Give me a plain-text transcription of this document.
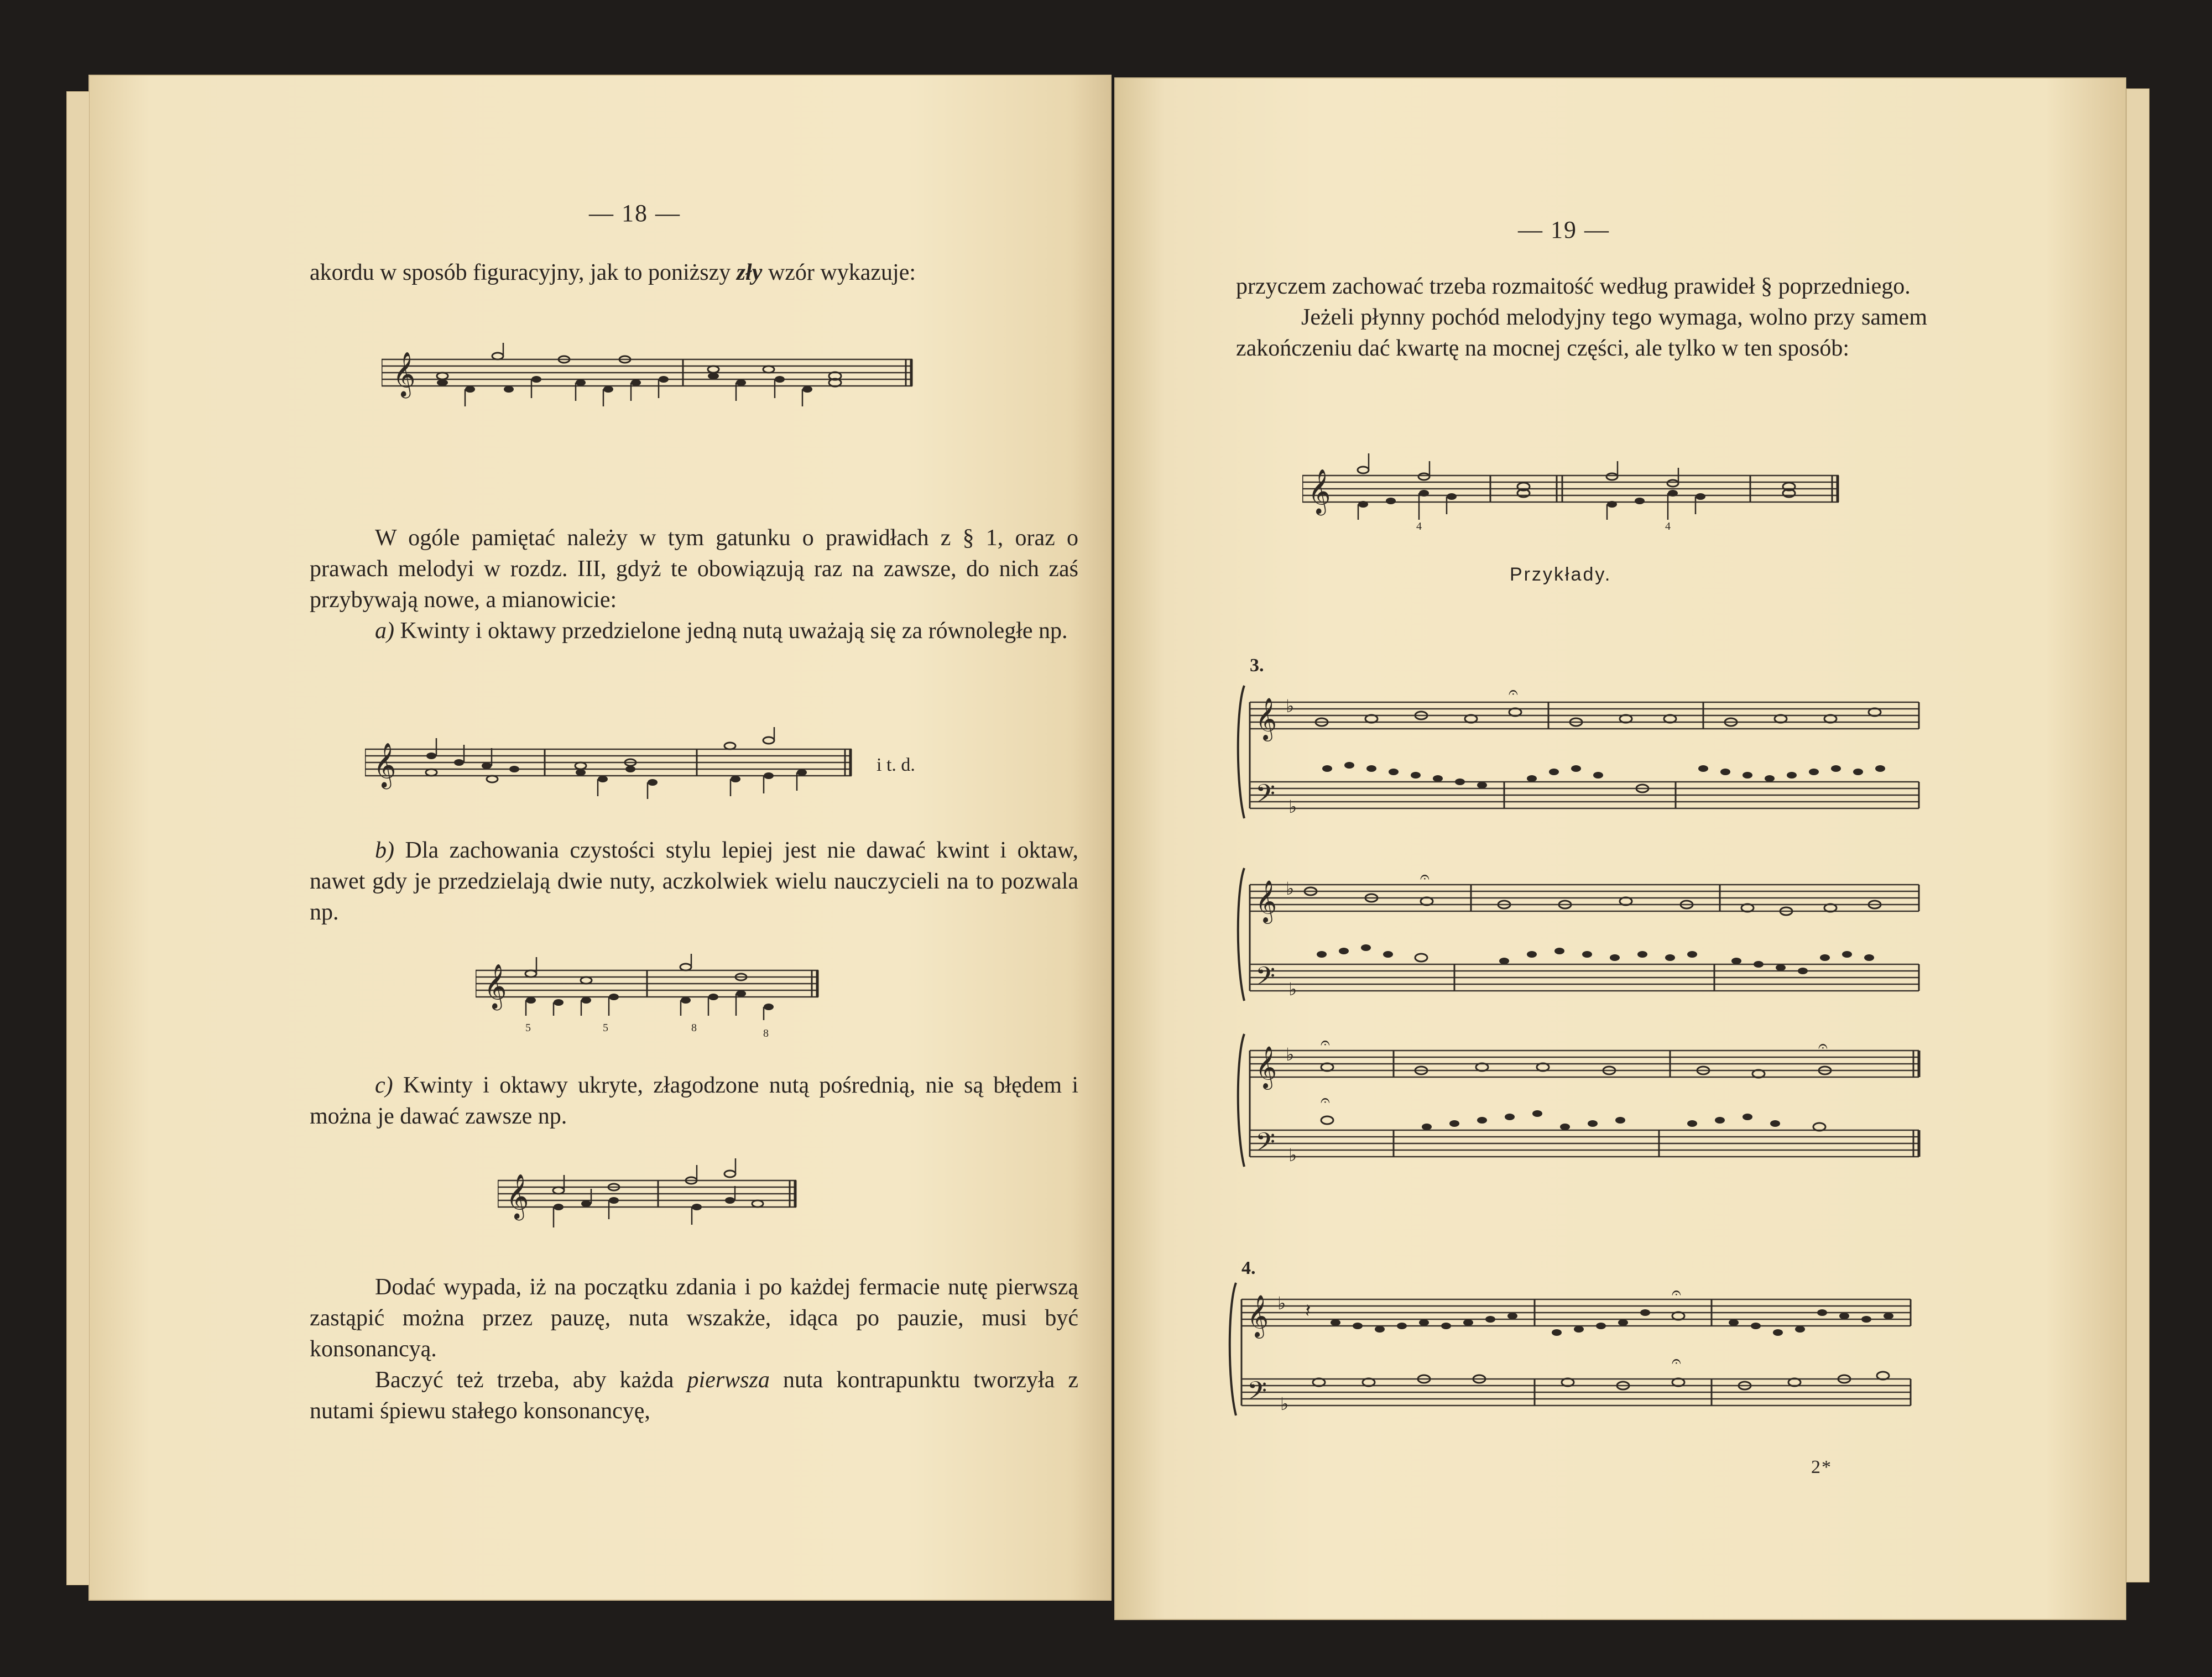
— 18 —

akordu w sposób figuracyjny, jak to poniższy zły wzór wykazuje:

𝄞

W ogóle pamiętać należy w tym gatunku o prawidłach z § 1, oraz o prawach melodyi w rozdz. III, gdyż te obowiązują raz na zawsze, do nich zaś przybywają nowe, a mianowicie:

a) Kwinty i oktawy przedzielone jedną nutą uważają się za równoległe np.

𝄞	i t. d.

b) Dla zachowania czystości stylu lepiej jest nie dawać kwint i oktaw, nawet gdy je przedzielają dwie nuty, aczkolwiek wielu nauczycieli na to pozwala np.

𝄞
5	5	8	8

c) Kwinty i oktawy ukryte, złagodzone nutą pośrednią, nie są błędem i można je dawać zawsze np.

𝄞

Dodać wypada, iż na początku zdania i po każdej fermacie nutę pierwszą zastąpić można przez pauzę, nuta wszakże, idąca po pauzie, musi być konsonancyą.

Baczyć też trzeba, aby każda pierwsza nuta kontrapunktu tworzyła z nutami śpiewu stałego konsonancyę,

— 19 —

przyczem zachować trzeba rozmaitość według prawideł § poprzedniego.

Jeżeli płynny pochód melodyjny tego wymaga, wolno przy samem zakończeniu dać kwartę na mocnej części, ale tylko w ten sposób:

𝄞
4	4
Przykłady.
3.
𝄞 ♭
𝄐
𝄢 ♭
𝄞 ♭
𝄐
𝄢 ♭
𝄞 ♭
𝄐	𝄐
𝄢 ♭
𝄐
4.
𝄞 ♭ 𝄽
𝄐
𝄢 ♭
𝄐
2*
